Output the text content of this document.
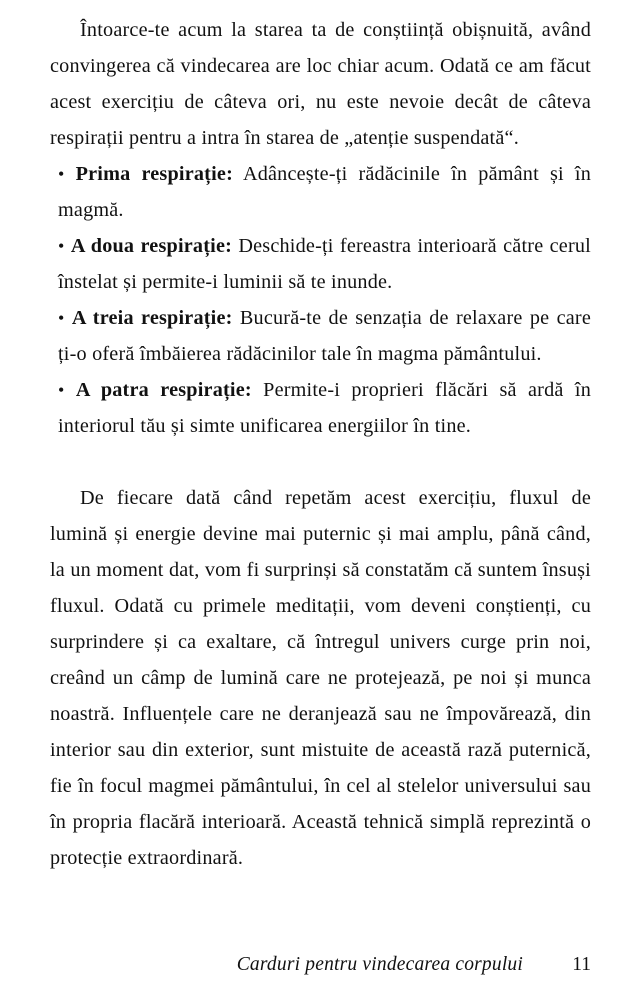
Întoarce-te acum la starea ta de conștiință obișnuită, având convingerea că vindecarea are loc chiar acum. Odată ce am făcut acest exercițiu de câteva ori, nu este nevoie decât de câteva respirații pentru a intra în starea de „atenție suspendată“.

• Prima respirație: Adâncește-ți rădăcinile în pământ și în magmă.
• A doua respirație: Deschide-ți fereastra interioară către cerul înstelat și permite-i luminii să te inunde.
• A treia respirație: Bucură-te de senzația de relaxare pe care ți-o oferă îmbăierea rădăcinilor tale în magma pământului.
• A patra respirație: Permite-i proprieri flăcări să ardă în interiorul tău și simte unificarea energiilor în tine.

De fiecare dată când repetăm acest exercițiu, fluxul de lumină și energie devine mai puternic și mai amplu, până când, la un moment dat, vom fi surprinși să constatăm că suntem însuși fluxul. Odată cu primele meditații, vom deveni conștienți, cu surprindere și ca exaltare, că întregul univers curge prin noi, creând un câmp de lumină care ne protejează, pe noi și munca noastră. Influențele care ne deranjează sau ne împovărează, din interior sau din exterior, sunt mistuite de această rază puternică, fie în focul magmei pământului, în cel al stelelor universului sau în propria flacără interioară. Această tehnică simplă reprezintă o protecție extraordinară.

Carduri pentru vindecarea corpului	11
